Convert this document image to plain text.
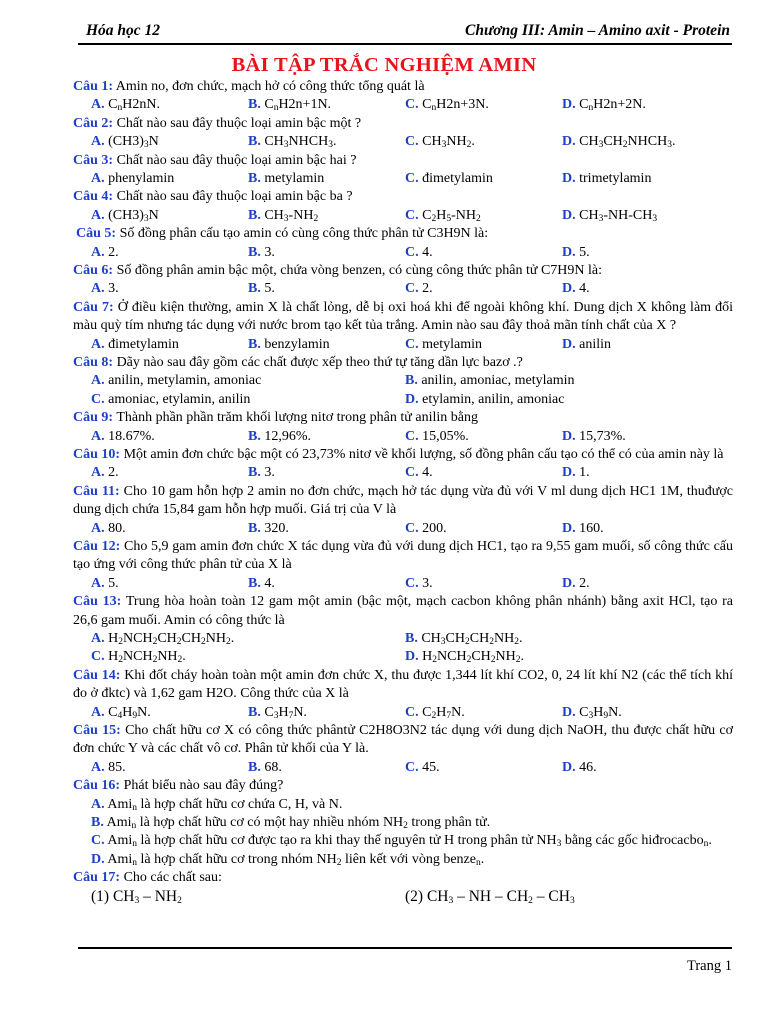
Hóa học 12	Chương III: Amin – Amino axit - Protein
BÀI TẬP TRẮC NGHIỆM AMIN
Câu 1: Amin no, đơn chức, mạch hở có công thức tổng quát là
A. $C_nH2nN$.	B. $C_nH2n+1N$.	C. $C_nH2n+3N$.	D. $C_nH2n+2N$.
Câu 2: Chất nào sau đây thuộc loại amin bậc một ?
A. $(CH3)_3N$	B. $CH_3NHCH_3$.	C. $CH_3NH_2$.	D. $CH_3CH_2NHCH_3$.
Câu 3: Chất nào sau đây thuộc loại amin bậc hai ?
A. phenylamin	B. metylamin	C. đimetylamin	D. trimetylamin
Câu 4: Chất nào sau đây thuộc loại amin bậc ba ?
A. $(CH3)_3N$	B. $CH_3-NH_2$	C. $C_2H_5-NH_2$	D. $CH_3-NH-CH_3$
Câu 5: Số đồng phân cấu tạo amin có cùng công thức phân tử C3H9N là:
A. 2.	B. 3.	C. 4.	D. 5.
Câu 6: Số đồng phân amin bậc một, chứa vòng benzen, có cùng công thức phân tử C7H9N là:
A. 3.	B. 5.	C. 2.	D. 4.
Câu 7: Ở điều kiện thường, amin X là chất lỏng, dễ bị oxi hoá khi để ngoài không khí. Dung dịch X không làm đổi màu quỳ tím nhưng tác dụng với nước brom tạo kết tủa trắng. Amin nào sau đây thoả mãn tính chất của X ?
A. đimetylamin	B. benzylamin	C. metylamin	D. anilin
Câu 8: Dãy nào sau đây gồm các chất được xếp theo thứ tự tăng dần lực bazơ .?
A. anilin, metylamin, amoniac	B. anilin, amoniac, metylamin
C. amoniac, etylamin, anilin	D. etylamin, anilin, amoniac
Câu 9: Thành phần phần trăm khối lượng nitơ trong phân tử anilin bằng
A. 18.67%.	B. 12,96%.	C. 15,05%.	D. 15,73%.
Câu 10: Một amin đơn chức bậc một có 23,73% nitơ về khối lượng, số đồng phân cấu tạo có thể có của amin này là
A. 2.	B. 3.	C. 4.	D. 1.
Câu 11: Cho 10 gam hỗn hợp 2 amin no đơn chức, mạch hở tác dụng vừa đủ với V ml dung dịch HC1 1M, thuđược dung dịch chứa 15,84 gam hỗn hợp muối. Giá trị của V là
A. 80.	B. 320.	C. 200.	D. 160.
Câu 12: Cho 5,9 gam amin đơn chức X tác dụng vừa đủ với dung dịch HC1, tạo ra 9,55 gam muối, số công thức cấu tạo ứng với công thức phân tử của X là
A. 5.	B. 4.	C. 3.	D. 2.
Câu 13: Trung hòa hoàn toàn 12 gam một amin (bậc một, mạch cacbon không phân nhánh) bằng axit HCl, tạo ra 26,6 gam muối. Amin có công thức là
A. $H_2NCH_2CH_2CH_2NH_2$.	B. $CH_3CH_2CH_2NH_2$.
C. $H_2NCH_2NH_2$.	D. $H_2NCH_2CH_2NH_2$.
Câu 14: Khi đốt cháy hoàn toàn một amin đơn chức X, thu được 1,344 lít khí CO2, 0, 24 lít khí N2 (các thể tích khí đo ở đktc) và 1,62 gam H2O. Công thức của X là
A. $C_4H_9N$.	B. $C_3H_7N$.	C. $C_2H_7N$.	D. $C_3H_9N$.
Câu 15: Cho chất hữu cơ X có công thức phântử C2H8O3N2 tác dụng với dung dịch NaOH, thu được chất hữu cơ đơn chức Y và các chất vô cơ. Phân tử khối của Y là.
A. 85.	B. 68.	C. 45.	D. 46.
Câu 16: Phát biểu nào sau đây đúng?
A. Ami$_n$ là hợp chất hữu cơ chứa C, H, và N.
B. Ami$_n$ là hợp chất hữu cơ có một hay nhiều nhóm $NH_2$ trong phân tử.
C. Ami$_n$ là hợp chất hữu cơ được tạo ra khi thay thế nguyên tử H trong phân tử $NH_3$ bằng các gốc hiđrocacbo$_n$.
D. Ami$_n$ là hợp chất hữu cơ trong nhóm $NH_2$ liên kết với vòng benze$_n$.
Câu 17: Cho các chất sau:
(1) $CH_3 - NH_2$	(2) $CH_3$ – NH – $CH_2 - CH_3$
Trang 1
